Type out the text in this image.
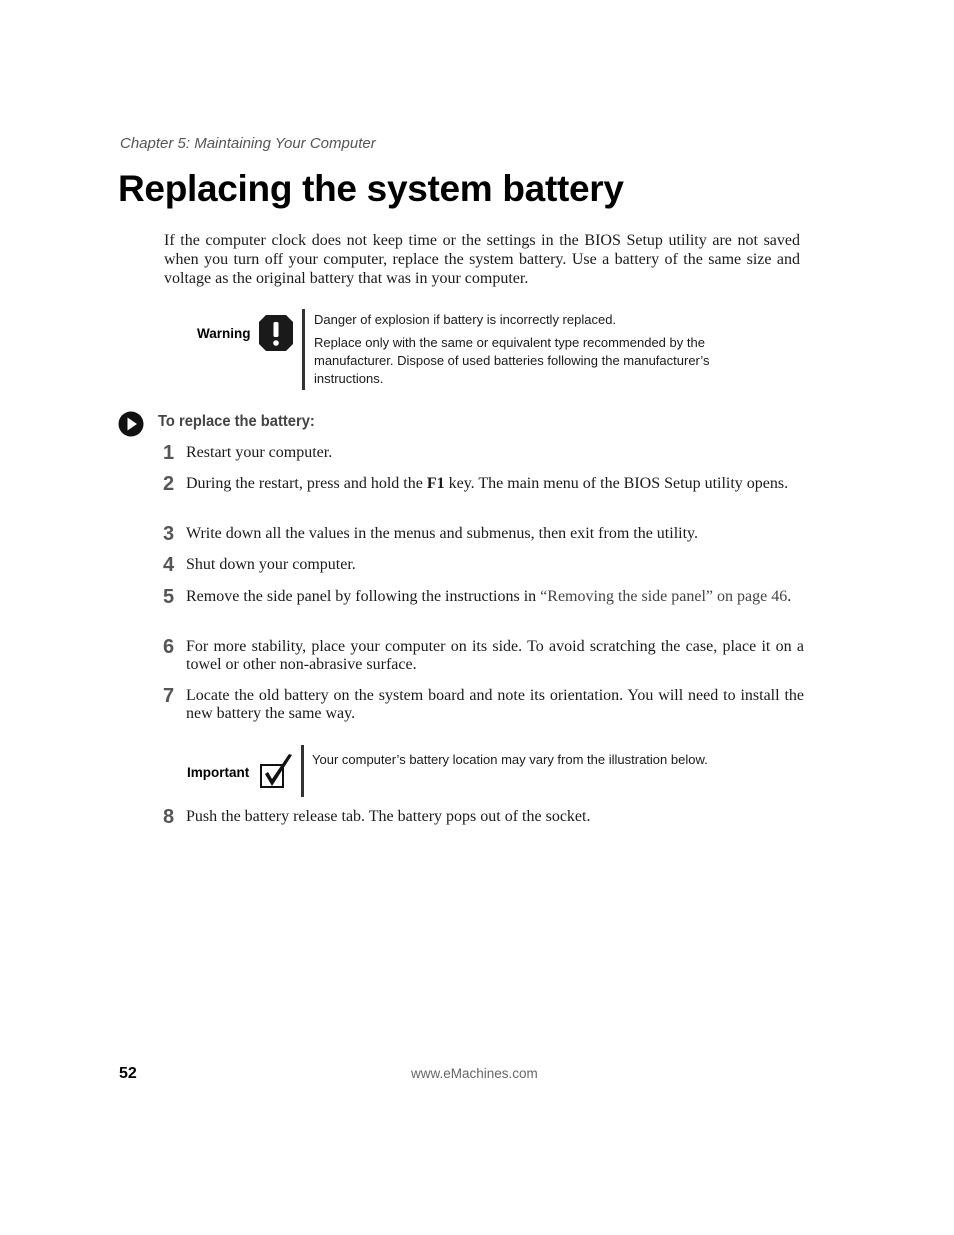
Chapter 5: Maintaining Your Computer
Replacing the system battery
If the computer clock does not keep time or the settings in the BIOS Setup utility are not saved when you turn off your computer, replace the system battery. Use a battery of the same size and voltage as the original battery that was in your computer.
Warning

Danger of explosion if battery is incorrectly replaced.

Replace only with the same or equivalent type recommended by the manufacturer. Dispose of used batteries following the manufacturer’s instructions.

To replace the battery:
1 Restart your computer.
2 During the restart, press and hold the F1 key. The main menu of the BIOS Setup utility opens.
3 Write down all the values in the menus and submenus, then exit from the utility.
4 Shut down your computer.
5 Remove the side panel by following the instructions in “Removing the side panel” on page 46.
6 For more stability, place your computer on its side. To avoid scratching the case, place it on a towel or other non-abrasive surface.
7 Locate the old battery on the system board and note its orientation. You will need to install the new battery the same way.
Important
Your computer’s battery location may vary from the illustration below.
8 Push the battery release tab. The battery pops out of the socket.
52	www.eMachines.com
